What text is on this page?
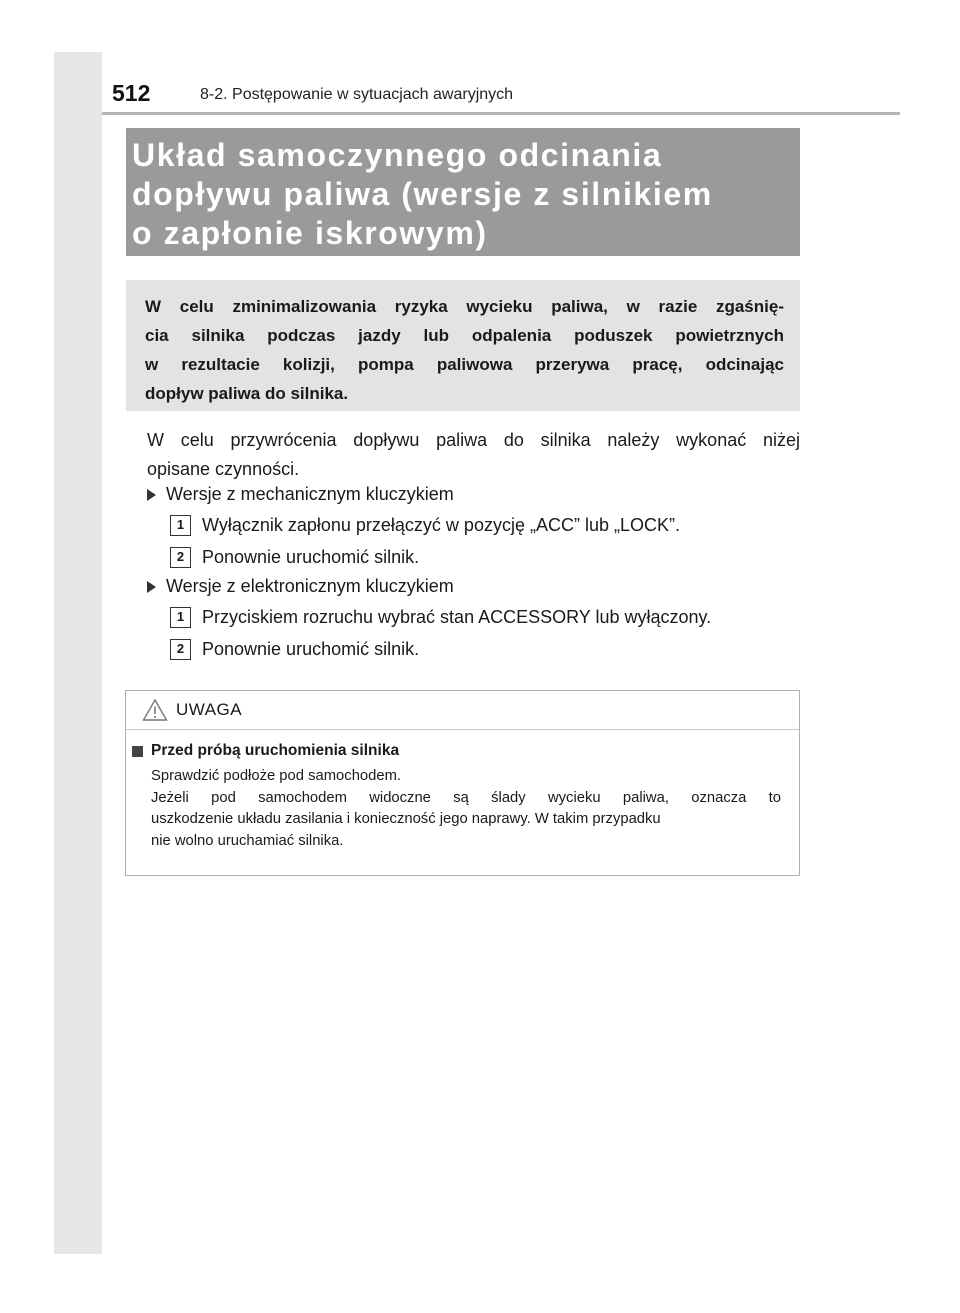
512	8-2. Postępowanie w sytuacjach awaryjnych
Układ samoczynnego odcinania
dopływu paliwa (wersje z silnikiem
o zapłonie iskrowym)
W celu zminimalizowania ryzyka wycieku paliwa, w razie zgaśnię-
cia silnika podczas jazdy lub odpalenia poduszek powietrznych
w rezultacie kolizji, pompa paliwowa przerywa pracę, odcinając
dopływ paliwa do silnika.
W celu przywrócenia dopływu paliwa do silnika należy wykonać niżej
opisane czynności.
Wersje z mechanicznym kluczykiem
1 Wyłącznik zapłonu przełączyć w pozycję „ACC” lub „LOCK”.
2 Ponownie uruchomić silnik.
Wersje z elektronicznym kluczykiem
1 Przyciskiem rozruchu wybrać stan ACCESSORY lub wyłączony.
2 Ponownie uruchomić silnik.
UWAGA
Przed próbą uruchomienia silnika
Sprawdzić podłoże pod samochodem.
Jeżeli pod samochodem widoczne są ślady wycieku paliwa, oznacza to
uszkodzenie układu zasilania i konieczność jego naprawy. W takim przypadku
nie wolno uruchamiać silnika.
